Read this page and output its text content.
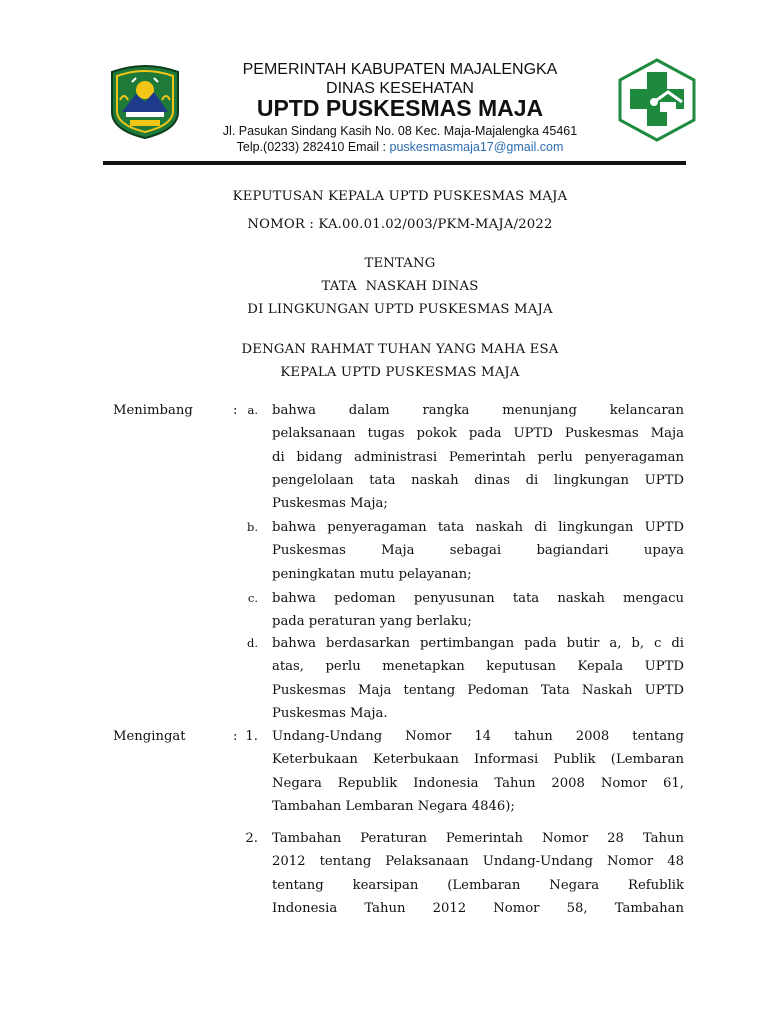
PEMERINTAH KABUPATEN MAJALENGKA
DINAS KESEHATAN
UPTD PUSKESMAS MAJA
Jl. Pasukan Sindang Kasih No. 08 Kec. Maja-Majalengka 45461
Telp.(0233) 282410 Email : puskesmasmaja17@gmail.com
KEPUTUSAN KEPALA UPTD PUSKESMAS MAJA
NOMOR : KA.00.01.02/003/PKM-MAJA/2022
TENTANG
TATA  NASKAH DINAS
DI LINGKUNGAN UPTD PUSKESMAS MAJA
DENGAN RAHMAT TUHAN YANG MAHA ESA
KEPALA UPTD PUSKESMAS MAJA
Menimbang	: a. bahwa dalam rangka menunjang kelancaran
pelaksanaan tugas pokok pada UPTD Puskesmas Maja
di bidang administrasi Pemerintah perlu penyeragaman
pengelolaan tata naskah dinas di lingkungan UPTD
Puskesmas Maja;
b. bahwa penyeragaman tata naskah di lingkungan UPTD
Puskesmas Maja sebagai bagiandari upaya
peningkatan mutu pelayanan;
c. bahwa pedoman penyusunan tata naskah mengacu
pada peraturan yang berlaku;
d. bahwa berdasarkan pertimbangan pada butir a, b, c di
atas, perlu menetapkan keputusan Kepala UPTD
Puskesmas Maja tentang Pedoman Tata Naskah UPTD
Puskesmas Maja.
Mengingat	: 1. Undang-Undang Nomor 14 tahun 2008 tentang
Keterbukaan Keterbukaan Informasi Publik (Lembaran
Negara Republik Indonesia Tahun 2008 Nomor 61,
Tambahan Lembaran Negara 4846);
2. Tambahan Peraturan Pemerintah Nomor 28 Tahun
2012 tentang Pelaksanaan Undang-Undang Nomor 48
tentang kearsipan (Lembaran Negara Refublik
Indonesia Tahun 2012 Nomor 58, Tambahan
